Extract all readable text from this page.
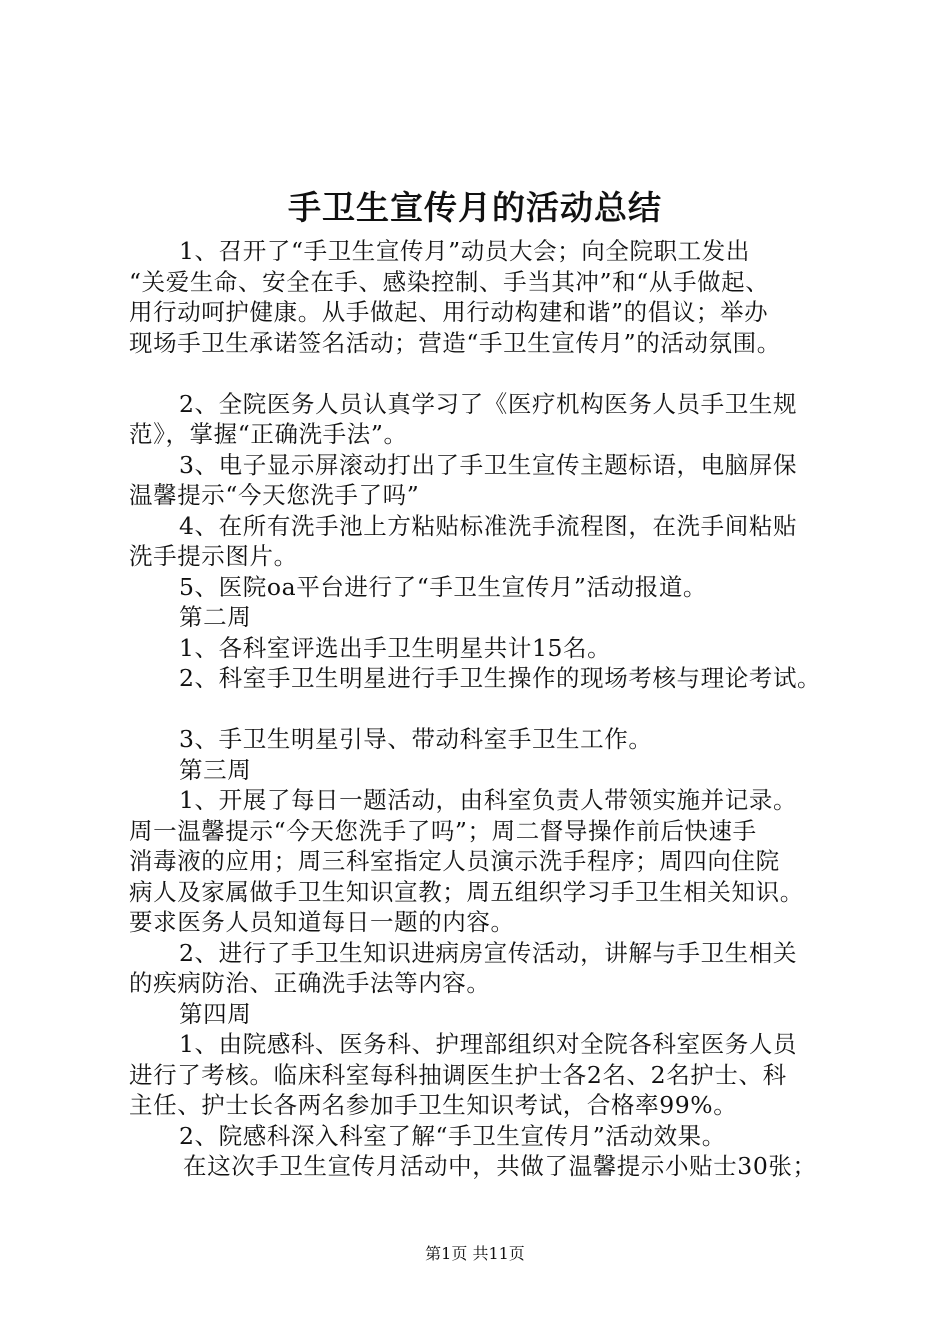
手卫生宣传月的活动总结
1、召开了“手卫生宣传月”动员大会；向全院职工发出
“关爱生命、安全在手、感染控制、手当其冲”和“从手做起、
用行动呵护健康。从手做起、用行动构建和谐”的倡议；举办
现场手卫生承诺签名活动；营造“手卫生宣传月”的活动氛围。
2、全院医务人员认真学习了《医疗机构医务人员手卫生规
范》，掌握“正确洗手法”。
3、电子显示屏滚动打出了手卫生宣传主题标语，电脑屏保
温馨提示“今天您洗手了吗”
4、在所有洗手池上方粘贴标准洗手流程图，在洗手间粘贴
洗手提示图片。
5、医院oa平台进行了“手卫生宣传月”活动报道。
第二周
1、各科室评选出手卫生明星共计15名。
2、科室手卫生明星进行手卫生操作的现场考核与理论考试。
3、手卫生明星引导、带动科室手卫生工作。
第三周
1、开展了每日一题活动，由科室负责人带领实施并记录。
周一温馨提示“今天您洗手了吗”；周二督导操作前后快速手
消毒液的应用；周三科室指定人员演示洗手程序；周四向住院
病人及家属做手卫生知识宣教；周五组织学习手卫生相关知识。
要求医务人员知道每日一题的内容。
2、进行了手卫生知识进病房宣传活动，讲解与手卫生相关
的疾病防治、正确洗手法等内容。
第四周
1、由院感科、医务科、护理部组织对全院各科室医务人员
进行了考核。临床科室每科抽调医生护士各2名、2名护士、科
主任、护士长各两名参加手卫生知识考试，合格率99%。
2、院感科深入科室了解“手卫生宣传月”活动效果。
在这次手卫生宣传月活动中，共做了温馨提示小贴士30张；
第1页 共11页
